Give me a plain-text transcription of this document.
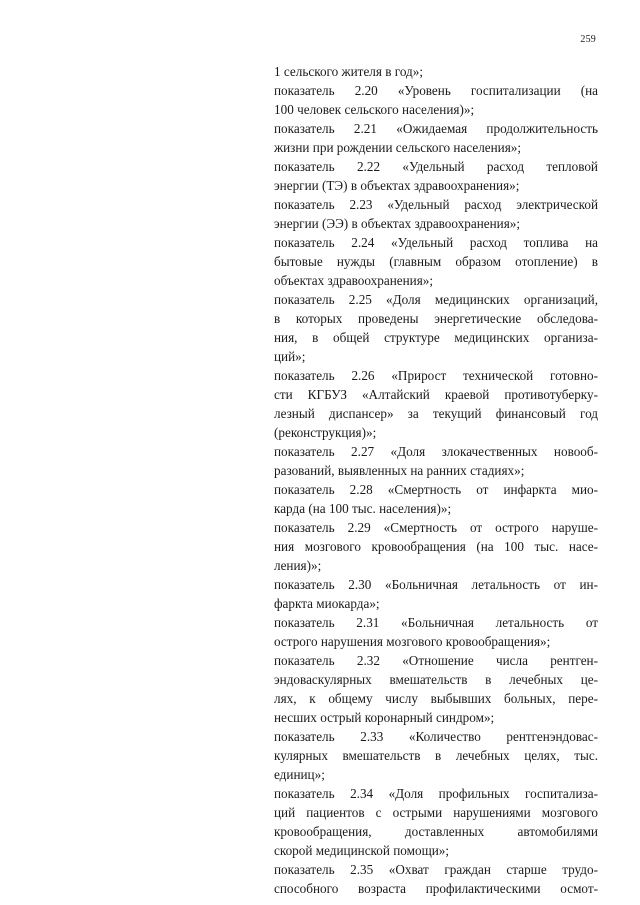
259
1 сельского жителя в год»;
показатель 2.20 «Уровень госпитализации (на
100 человек сельского населения)»;
показатель 2.21 «Ожидаемая продолжительность
жизни при рождении сельского населения»;
показатель 2.22 «Удельный расход тепловой
энергии (ТЭ) в объектах здравоохранения»;
показатель 2.23 «Удельный расход электрической
энергии (ЭЭ) в объектах здравоохранения»;
показатель 2.24 «Удельный расход топлива на
бытовые нужды (главным образом отопление) в
объектах здравоохранения»;
показатель 2.25 «Доля медицинских организаций,
в которых проведены энергетические обследова-
ния, в общей структуре медицинских организа-
ций»;
показатель 2.26 «Прирост технической готовно-
сти КГБУЗ «Алтайский краевой противотуберку-
лезный диспансер» за текущий финансовый год
(реконструкция)»;
показатель 2.27 «Доля злокачественных новооб-
разований, выявленных на ранних стадиях»;
показатель 2.28 «Смертность от инфаркта мио-
карда (на 100 тыс. населения)»;
показатель 2.29 «Смертность от острого наруше-
ния мозгового кровообращения (на 100 тыс. насе-
ления)»;
показатель 2.30 «Больничная летальность от ин-
фаркта миокарда»;
показатель 2.31 «Больничная летальность от
острого нарушения мозгового кровообращения»;
показатель 2.32 «Отношение числа рентген-
эндоваскулярных вмешательств в лечебных це-
лях, к общему числу выбывших больных, пере-
несших острый коронарный синдром»;
показатель 2.33 «Количество рентгенэндовас-
кулярных вмешательств в лечебных целях, тыс.
единиц»;
показатель 2.34 «Доля профильных госпитализа-
ций пациентов с острыми нарушениями мозгового
кровообращения, доставленных автомобилями
скорой медицинской помощи»;
показатель 2.35 «Охват граждан старше трудо-
способного возраста профилактическими осмот-
